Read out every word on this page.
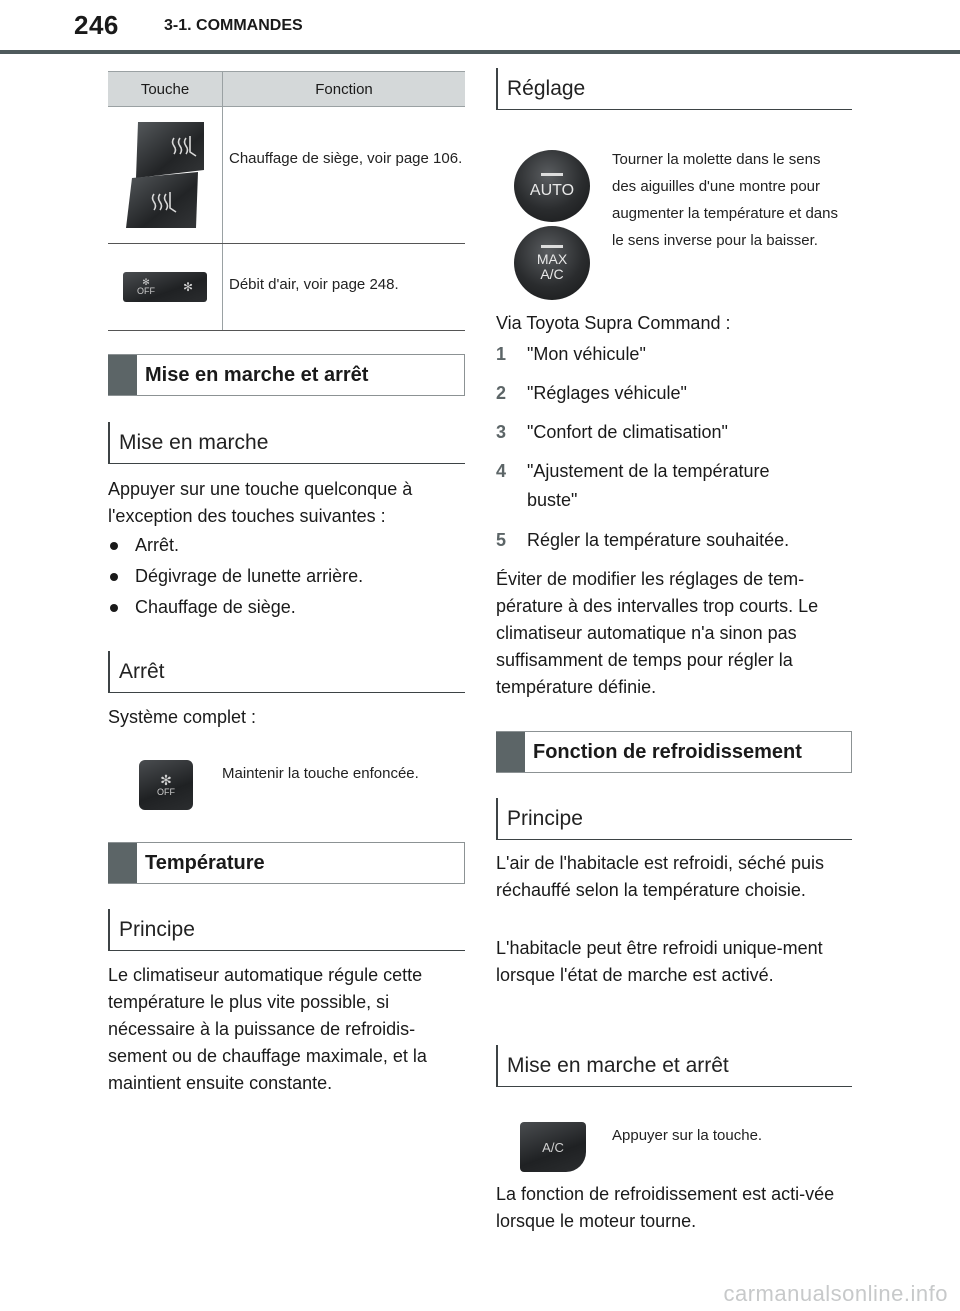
246	3-1. COMMANDES
Touche	Fonction
Chauffage de siège, voir page 106.
✻
OFF ✻	Débit d'air, voir page 248.
Mise en marche et arrêt
Mise en marche
Appuyer sur une touche quelconque à l'exception des touches suivantes :
Arrêt.
Dégivrage de lunette arrière.
Chauffage de siège.
Arrêt
Système complet :
✻
OFF
Maintenir la touche enfoncée.
Température
Principe
Le climatiseur automatique régule cette température le plus vite possible, si nécessaire à la puissance de refroidis-sement ou de chauffage maximale, et la maintient ensuite constante.
Réglage
AUTO
MAX
A/C
Tourner la molette dans le sens des aiguilles d'une montre pour augmenter la température et dans le sens inverse pour la baisser.
Via Toyota Supra Command :
1	"Mon véhicule"
2	"Réglages véhicule"
3	"Confort de climatisation"
4	"Ajustement de la température
buste"
5	Régler la température souhaitée.
Éviter de modifier les réglages de tem-pérature à des intervalles trop courts. Le climatiseur automatique n'a sinon pas suffisamment de temps pour régler la température définie.
Fonction de refroidissement
Principe
L'air de l'habitacle est refroidi, séché puis réchauffé selon la température choisie.
L'habitacle peut être refroidi unique-ment lorsque l'état de marche est activé.
Mise en marche et arrêt
A/C
Appuyer sur la touche.
La fonction de refroidissement est acti-vée lorsque le moteur tourne.
carmanualsonline.info
